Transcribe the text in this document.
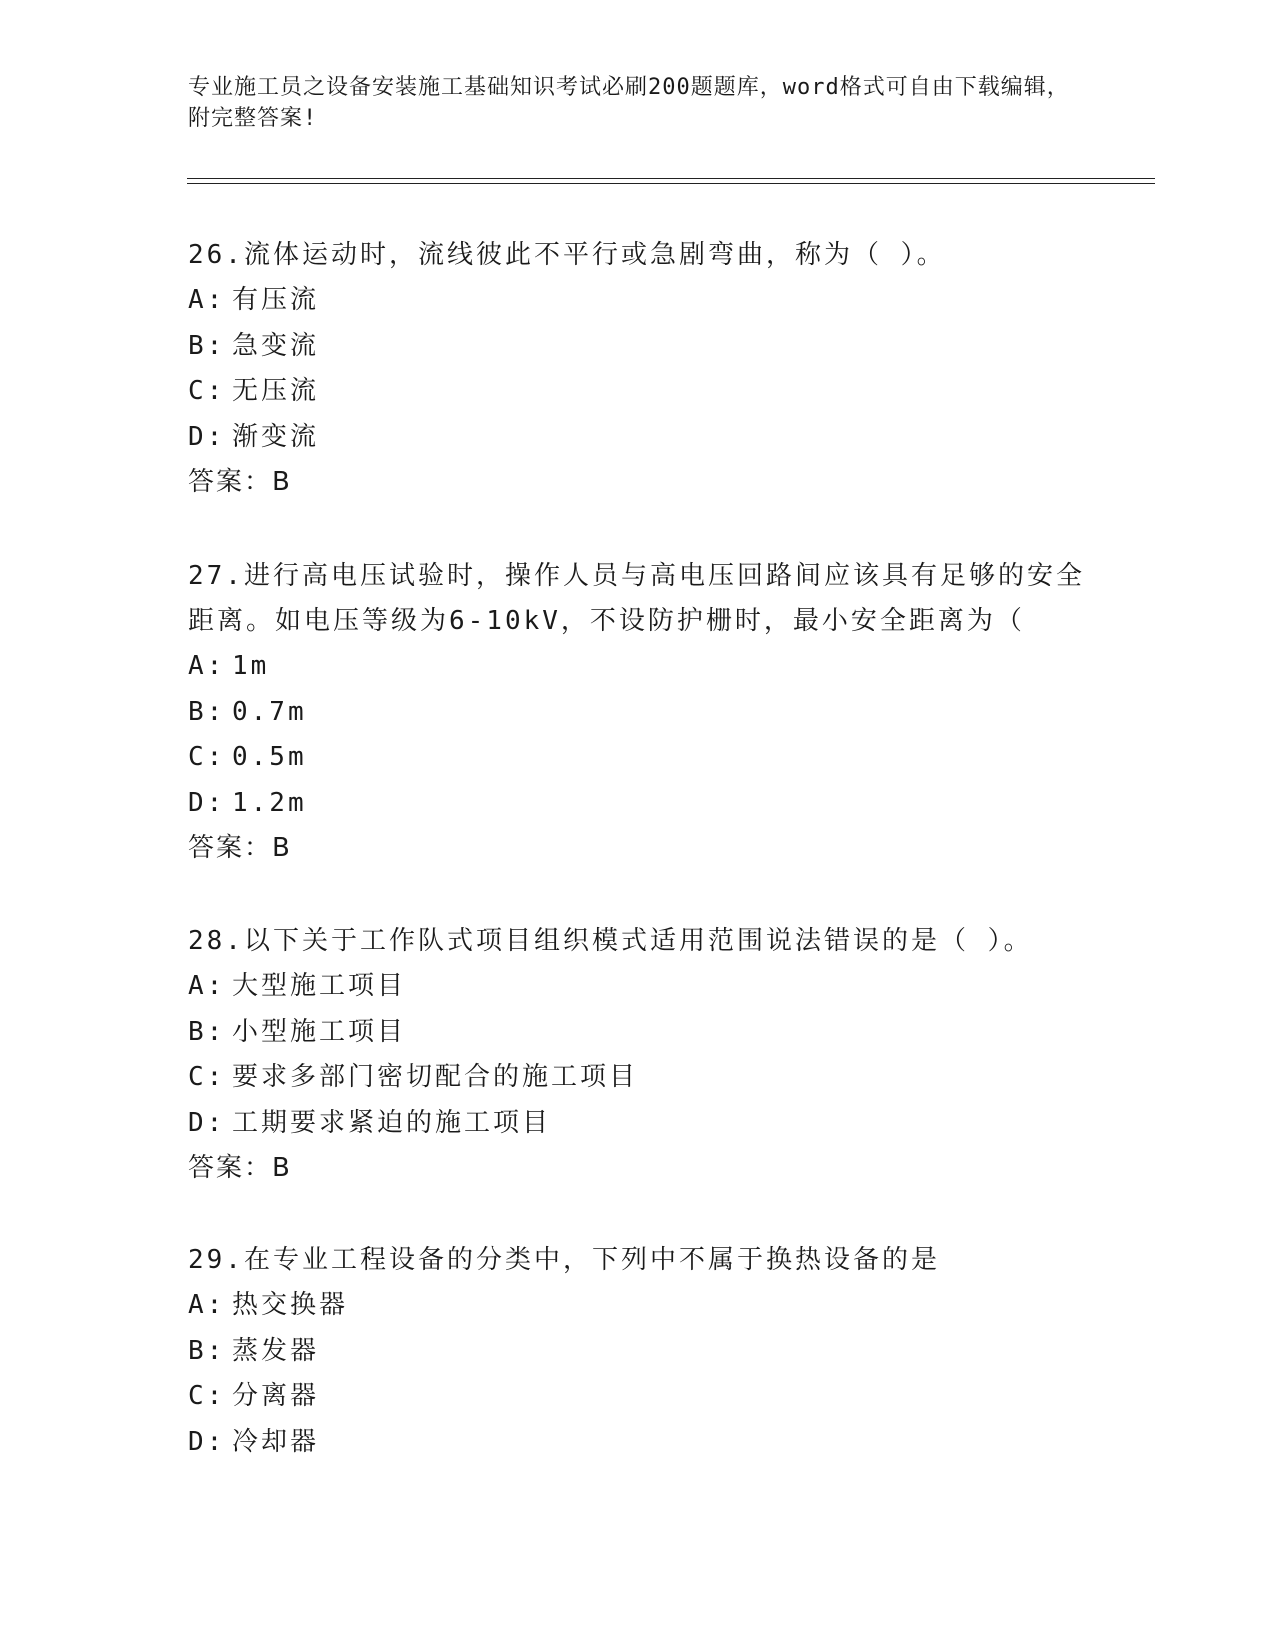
专业施工员之设备安装施工基础知识考试必刷200题题库，word格式可自由下载编辑，附完整答案!

26.流体运动时，流线彼此不平行或急剧弯曲，称为（ ）。

A: 有压流
B: 急变流
C: 无压流
D: 渐变流
答案：B

27.进行高电压试验时，操作人员与高电压回路间应该具有足够的安全距离。如电压等级为6-10kV，不设防护栅时，最小安全距离为（

A: 1m
B: 0.7m
C: 0.5m
D: 1.2m
答案：B

28.以下关于工作队式项目组织模式适用范围说法错误的是（ ）。

A: 大型施工项目
B: 小型施工项目
C: 要求多部门密切配合的施工项目
D: 工期要求紧迫的施工项目
答案：B

29.在专业工程设备的分类中，下列中不属于换热设备的是

A: 热交换器
B: 蒸发器
C: 分离器
D: 冷却器
